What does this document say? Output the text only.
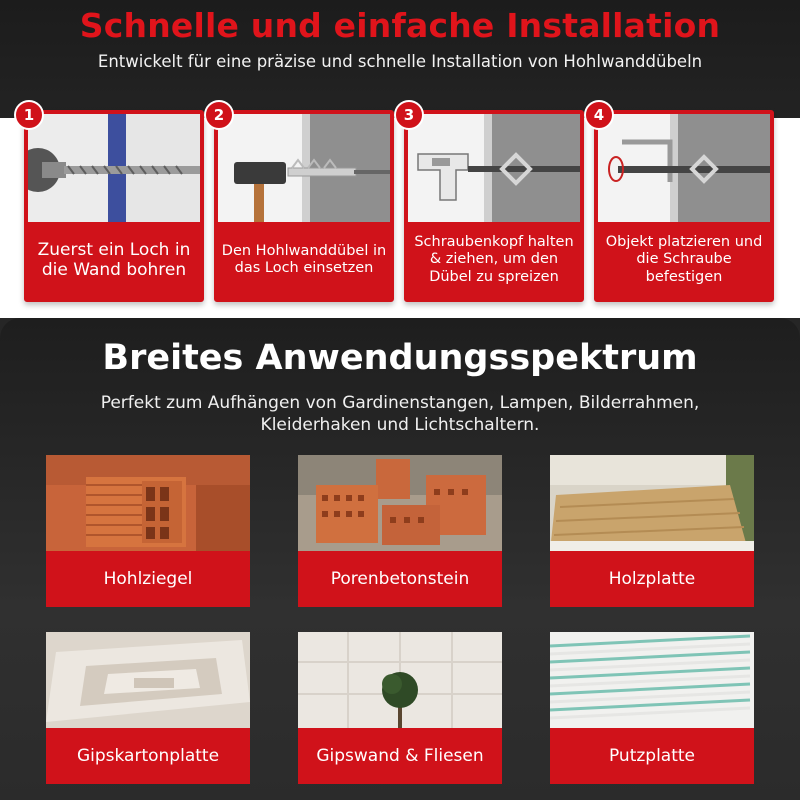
Schnelle und einfache Installation
Entwickelt für eine präzise und schnelle Installation von Hohlwanddübeln
Zuerst ein Loch in die Wand bohren
1
Den Hohlwanddübel in das Loch einsetzen
2
Schraubenkopf halten & ziehen, um den Dübel zu spreizen
3
Objekt platzieren und die Schraube befestigen
4
Breites Anwendungsspektrum
Perfekt zum Aufhängen von Gardinenstangen, Lampen, Bilderrahmen, Kleiderhaken und Lichtschaltern.
Hohlziegel	Porenbetonstein	Holzplatte
Gipskartonplatte	Gipswand & Fliesen	Putzplatte
